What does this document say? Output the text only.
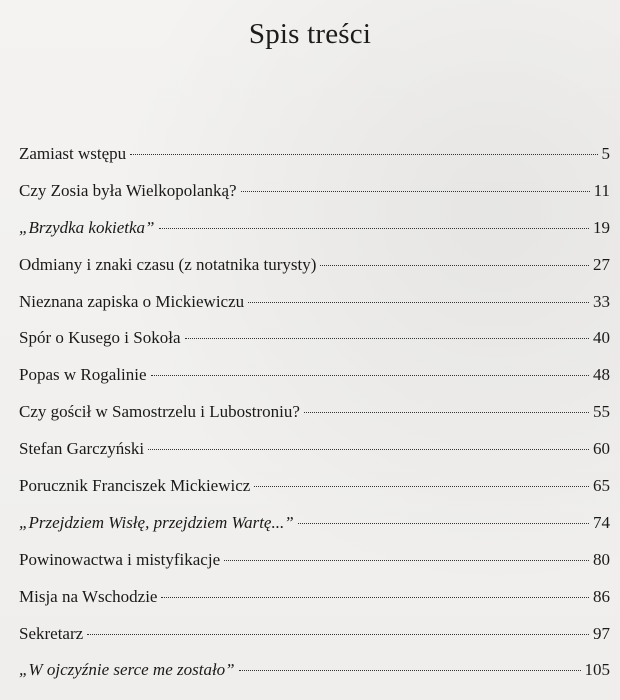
Spis treści
Zamiast wstępu	5
Czy Zosia była Wielkopolanką?	11
„Brzydka kokietka”	19
Odmiany i znaki czasu (z notatnika turysty)	27
Nieznana zapiska o Mickiewiczu	33
Spór o Kusego i Sokoła	40
Popas w Rogalinie	48
Czy gościł w Samostrzelu i Lubostroniu?	55
Stefan Garczyński	60
Porucznik Franciszek Mickiewicz	65
„Przejdziem Wisłę, przejdziem Wartę...”	74
Powinowactwa i mistyfikacje	80
Misja na Wschodzie	86
Sekretarz	97
„W ojczyźnie serce me zostało”	105
